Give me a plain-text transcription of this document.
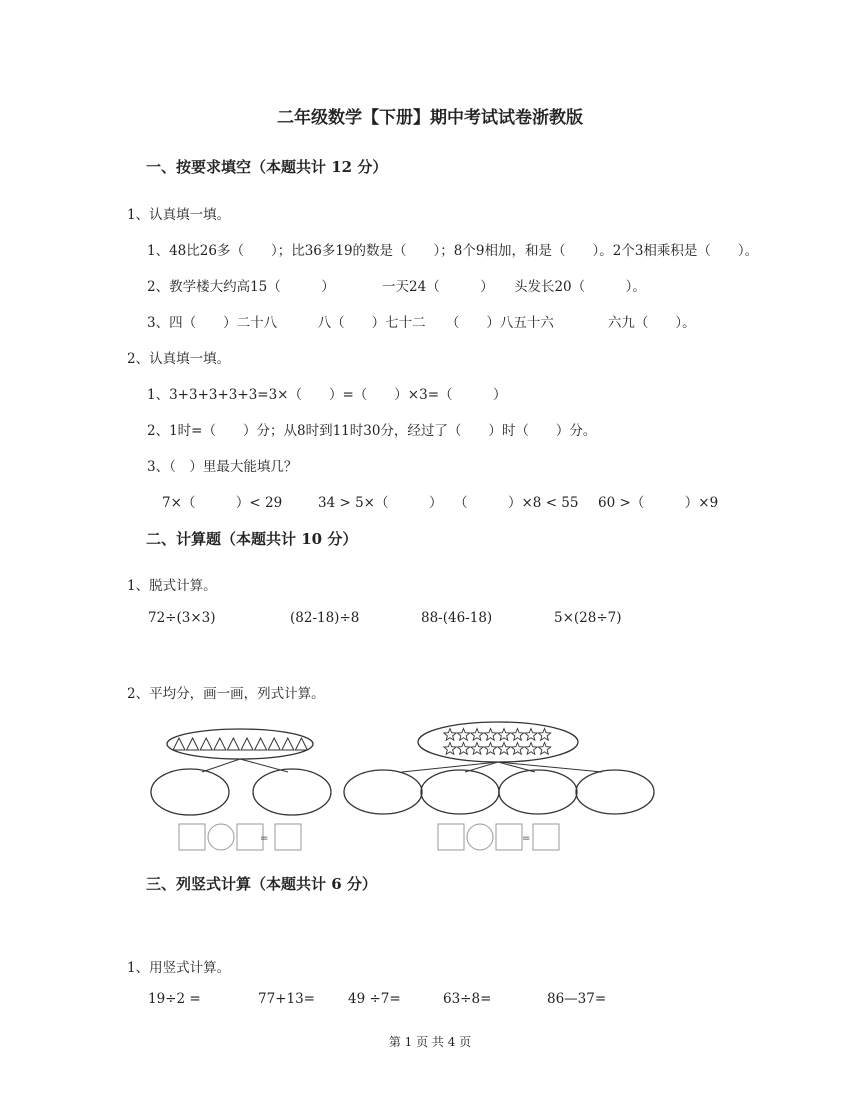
二年级数学【下册】期中考试试卷浙教版
一、按要求填空（本题共计 12 分）
1、认真填一填。
1、48比26多（　　）；比36多19的数是（　　）；8个9相加，和是（　　）。2个3相乘积是（　　）。
2、教学楼大约高15（　　　）　　　　一天24（　　　）　　头发长20（　　　）。
3、四（　　）二十八　　　八（　　）七十二　　（　　）八五十六　　　　六九（　　）。
2、认真填一填。
1、3+3+3+3+3=3×（　　）=（　　）×3=（　　　）
2、1时=（　　）分；从8时到11时30分，经过了（　　）时（　　）分。
3、（　）里最大能填几？
7×（　　　）< 29	34 > 5×（　　　） （　　　）×8 < 55 60 >（　　　）×9
二、计算题（本题共计 10 分）
1、脱式计算。
72÷(3×3)	(82-18)÷8	88-(46-18)	5×(28÷7)
2、平均分，画一画，列式计算。
=	=
三、列竖式计算（本题共计 6 分）
1、用竖式计算。
19÷2 =	77+13= 49 ÷7=	63÷8=	86—37=
第 1 页 共 4 页
